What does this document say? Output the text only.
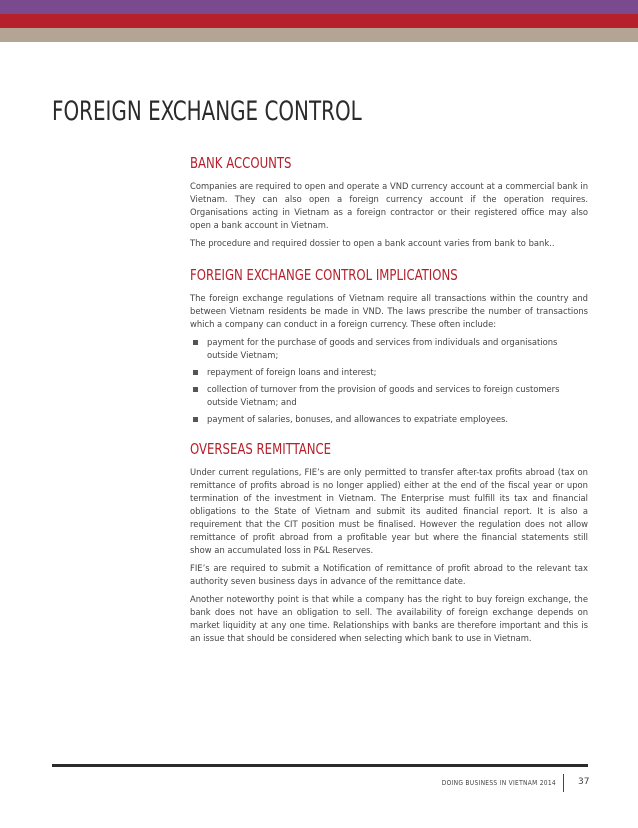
FOREIGN EXCHANGE CONTROL
BANK ACCOUNTS

Companies are required to open and operate a VND currency account at a commercial bank in Vietnam. They can also open a foreign currency account if the operation requires. Organisations acting in Vietnam as a foreign contractor or their registered office may also open a bank account in Vietnam.

The procedure and required dossier to open a bank account varies from bank to bank..

FOREIGN EXCHANGE CONTROL IMPLICATIONS

The foreign exchange regulations of Vietnam require all transactions within the country and between Vietnam residents be made in VND. The laws prescribe the number of transactions which a company can conduct in a foreign currency. These often include:

payment for the purchase of goods and services from individuals and organisations outside Vietnam;
repayment of foreign loans and interest;
collection of turnover from the provision of goods and services to foreign customers outside Vietnam; and
payment of salaries, bonuses, and allowances to expatriate employees.
OVERSEAS REMITTANCE

Under current regulations, FIE’s are only permitted to transfer after-tax profits abroad (tax on remittance of profits abroad is no longer applied) either at the end of the fiscal year or upon termination of the investment in Vietnam. The Enterprise must fulfill its tax and financial obligations to the State of Vietnam and submit its audited financial report. It is also a requirement that the CIT position must be finalised. However the regulation does not allow remittance of profit abroad from a profitable year but where the financial statements still show an accumulated loss in P&L Reserves.

FIE’s are required to submit a Notification of remittance of profit abroad to the relevant tax authority seven business days in advance of the remittance date.

Another noteworthy point is that while a company has the right to buy foreign exchange, the bank does not have an obligation to sell. The availability of foreign exchange depends on market liquidity at any one time. Relationships with banks are therefore important and this is an issue that should be considered when selecting which bank to use in Vietnam.

DOING BUSINESS IN VIETNAM 2014 37
